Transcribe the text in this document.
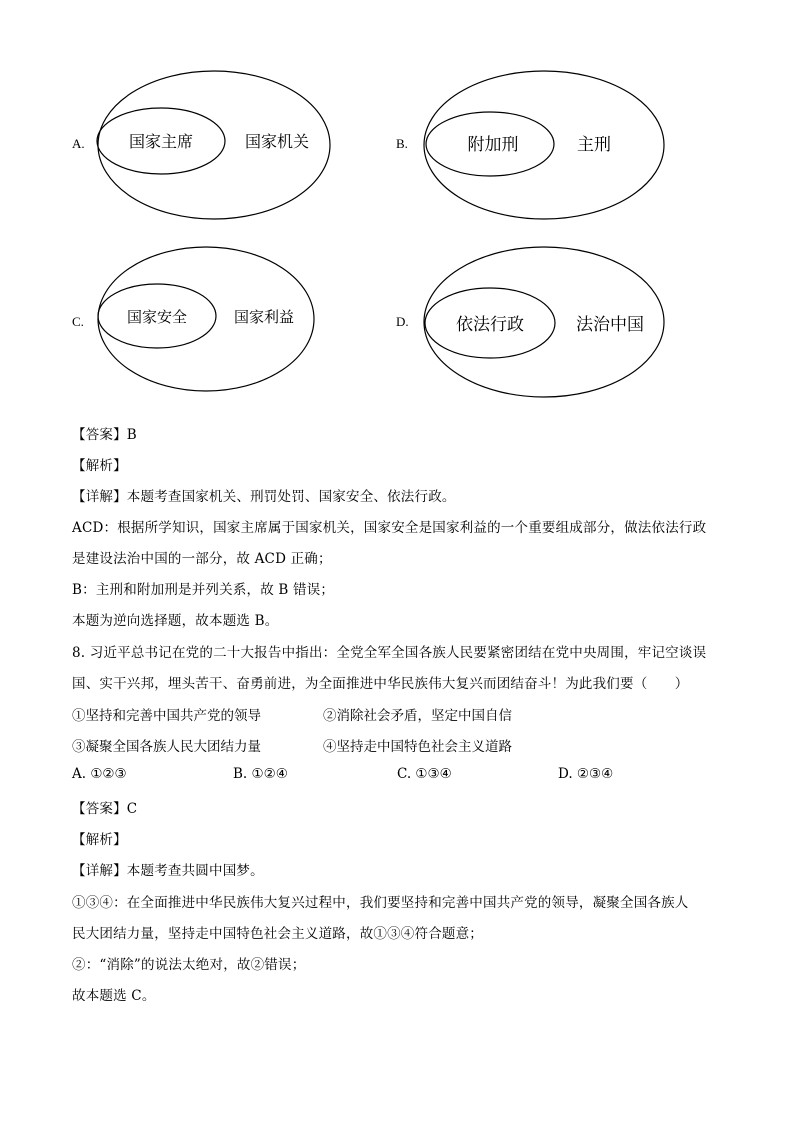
A.	国家主席	国家机关	B.	附加刑	主刑
C.	国家安全	国家利益	D.	依法行政	法治中国
【答案】B
【解析】
【详解】本题考查国家机关、刑罚处罚、国家安全、依法行政。
ACD：根据所学知识，国家主席属于国家机关，国家安全是国家利益的一个重要组成部分，做法依法行政
是建设法治中国的一部分，故 ACD 正确；
B：主刑和附加刑是并列关系，故 B 错误；
本题为逆向选择题，故本题选 B。
8. 习近平总书记在党的二十大报告中指出：全党全军全国各族人民要紧密团结在党中央周围，牢记空谈误
国、实干兴邦，埋头苦干、奋勇前进，为全面推进中华民族伟大复兴而团结奋斗！为此我们要（　　）
①坚持和完善中国共产党的领导	②消除社会矛盾，坚定中国自信
③凝聚全国各族人民大团结力量	④坚持走中国特色社会主义道路
A. ①②③	B. ①②④	C. ①③④	D. ②③④
【答案】C
【解析】
【详解】本题考查共圆中国梦。
①③④：在全面推进中华民族伟大复兴过程中，我们要坚持和完善中国共产党的领导，凝聚全国各族人
民大团结力量，坚持走中国特色社会主义道路，故①③④符合题意；
②：“消除”的说法太绝对，故②错误；
故本题选 C。
